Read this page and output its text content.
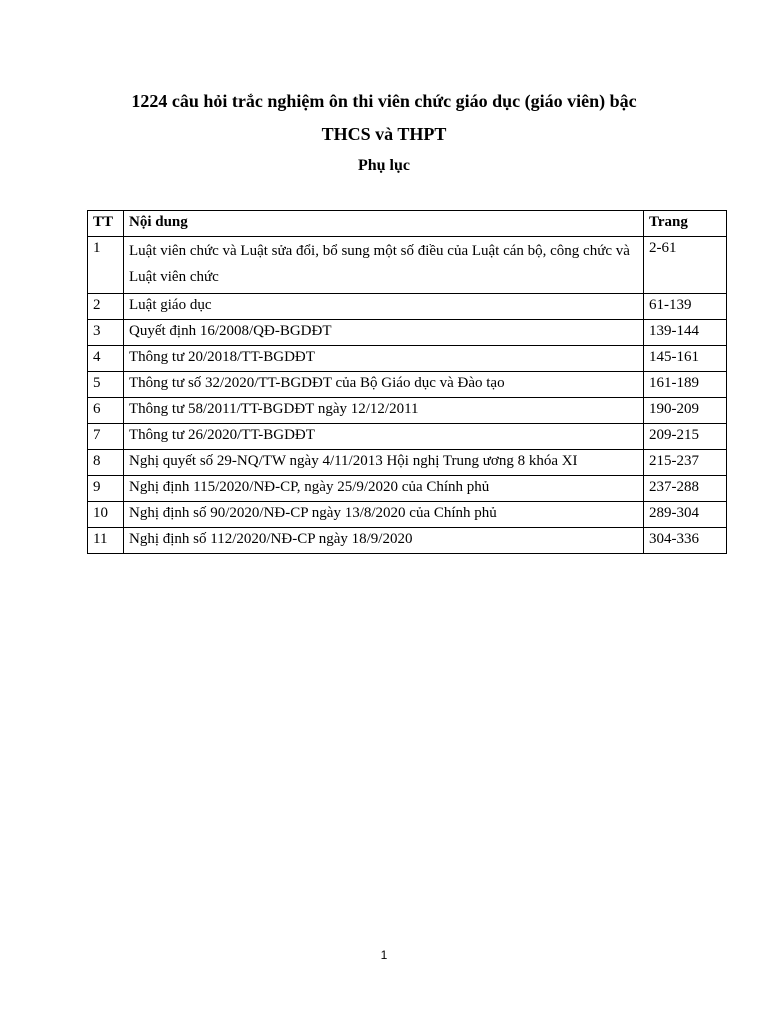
1224 câu hỏi trắc nghiệm ôn thi viên chức giáo dục (giáo viên) bậc
THCS và THPT
Phụ lục
TT	Nội dung	Trang
1	Luật viên chức và Luật sửa đổi, bổ sung một số điều của Luật cán bộ, công chức và Luật viên chức	2-61
2	Luật giáo dục	61-139
3	Quyết định 16/2008/QĐ-BGDĐT	139-144
4	Thông tư 20/2018/TT-BGDĐT	145-161
5	Thông tư số 32/2020/TT-BGDĐT của Bộ Giáo dục và Đào tạo	161-189
6	Thông tư 58/2011/TT-BGDĐT ngày 12/12/2011	190-209
7	Thông tư 26/2020/TT-BGDĐT	209-215
8	Nghị quyết số 29-NQ/TW ngày 4/11/2013 Hội nghị Trung ương 8 khóa XI	215-237
9	Nghị định 115/2020/NĐ-CP, ngày 25/9/2020 của Chính phủ	237-288
10	Nghị định số 90/2020/NĐ-CP ngày 13/8/2020 của Chính phủ	289-304
11	Nghị định số 112/2020/NĐ-CP ngày 18/9/2020	304-336
1
